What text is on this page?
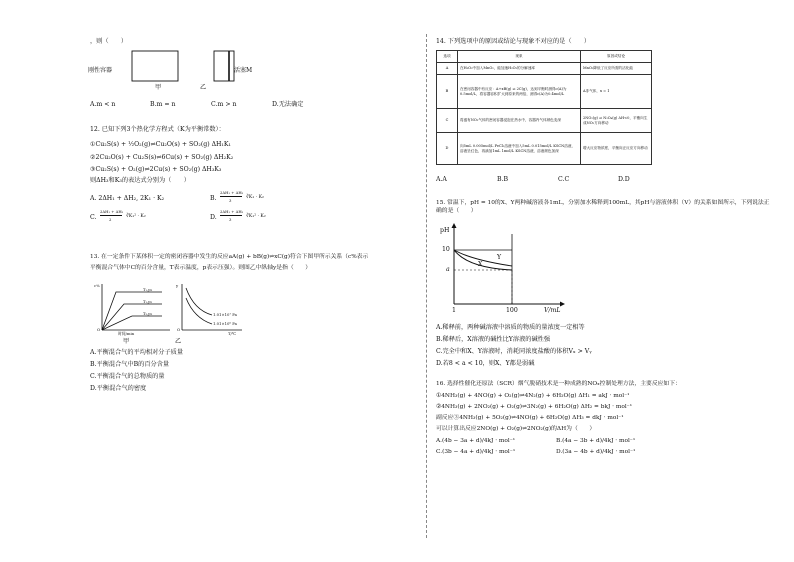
，则（　　）
刚性容器	活塞M
甲	乙
A.m < n	B.m = n	C.m > n	D.无法确定
12. 已知下列3个热化学方程式（K为平衡常数）：
①Cu₂S(s) + ½O₂(g)⇌Cu₂O(s) + SO₂(g) ΔH₁K₁
②2Cu₂O(s) + Cu₂S(s)⇌6Cu(s) + SO₂(g) ΔH₂K₂
③Cu₂S(s) + O₂(g)⇌2Cu(s) + SO₂(g) ΔH₃K₃
则ΔH₃和K₃的表达式分别为（　　）
A. 2ΔH₁ + ΔH₂, 2K₁ · K₂	B.
2ΔH₁ + ΔH₂
3
∛K₁ · K₂
C.
2ΔH₁ + ΔH₂
2
∛K₁² · K₂	D.
2ΔH₁ + ΔH₂
3
∛K₁² · K₂
13. 在一定条件下某体积一定的密闭容器中发生的反应aA(g) + bB(g)⇌xC(g)符合下图甲所示关系（c%表示
平衡混合气体中C的百分含量，T表示温度，p表示压强）。则图乙中纵轴y是指（　　）
c%
T₁,p₂
T₁,p₁
T₂,p₂
O
时间/min
甲
y
1.01×10⁷ Pa
1.01×10⁶ Pa
O
T/℃
乙
A.平衡混合气的平均相对分子质量
B.平衡混合气中B的百分含量
C.平衡混合气的总物质的量
D.平衡混合气的密度
14. 下列选项中的原因或结论与现象不对应的是（　　）
选项	现象	原因或结论
A	在H₂O₂中加入MnO₂，能加速H₂O₂的分解速率	MnO₂降低了反应所需的活化能
B	在密闭容器中有反应：A+xB(g) ⇌ 2C(g)，达到平衡时测得c(A)为0.5mol/L，将容器容积扩大到原来的两倍，测得c(A)为0.4mol/L	A非气体，x = 1
C	将盛有NO₂气体的密闭容器浸泡在热水中，容器内气体颜色变深	2NO₂(g) ⇌ N₂O₄(g) ΔH<0，平衡向生成NO₂方向移动
D	向5mL 0.005mol/L FeCl₃溶液中加入5mL 0.015mol/L KSCN溶液，溶液呈红色，再滴加1mL 1mol/L KSCN溶液，溶液颜色加深	增大反应物浓度，平衡向正反应方向移动
A.A	B.B	C.C	D.D
15. 常温下，pH = 10的X、Y两种碱溶液各1mL，分别加水稀释到100mL，其pH与溶液体积（V）的关系如图所示，下列说法正确的是（　　）
pH
10
a
X
Y
1	100	V/mL
A.稀释前，两种碱溶液中溶质的物质的量浓度一定相等
B.稀释后，X溶液的碱性比Y溶液的碱性强
C.完全中和X、Y溶液时，消耗同浓度盐酸的体积Vₓ > Vᵧ
D.若8 < a < 10，则X、Y都是弱碱
16. 选择性催化还原法（SCR）烟气脱硝技术是一种成熟的NOₓ控制处理方法，主要反应如下：
①4NH₃(g) + 4NO(g) + O₂(g)⇌4N₂(g) + 6H₂O(g) ΔH₁ = akJ · mol⁻¹
②4NH₃(g) + 2NO₂(g) + O₂(g)⇌3N₂(g) + 6H₂O(g) ΔH₂ = bkJ · mol⁻¹
副反应③4NH₃(g) + 5O₂(g)⇌4NO(g) + 6H₂O(g) ΔH₃ = dkJ · mol⁻¹
可以计算出反应2NO(g) + O₂(g)⇌2NO₂(g)的ΔH为（　　）
A.(4b − 3a + d)/4kJ · mol⁻¹	B.(4a − 3b + d)/4kJ · mol⁻¹
C.(3b − 4a + d)/4kJ · mol⁻¹	D.(3a − 4b + d)/4kJ · mol⁻¹
